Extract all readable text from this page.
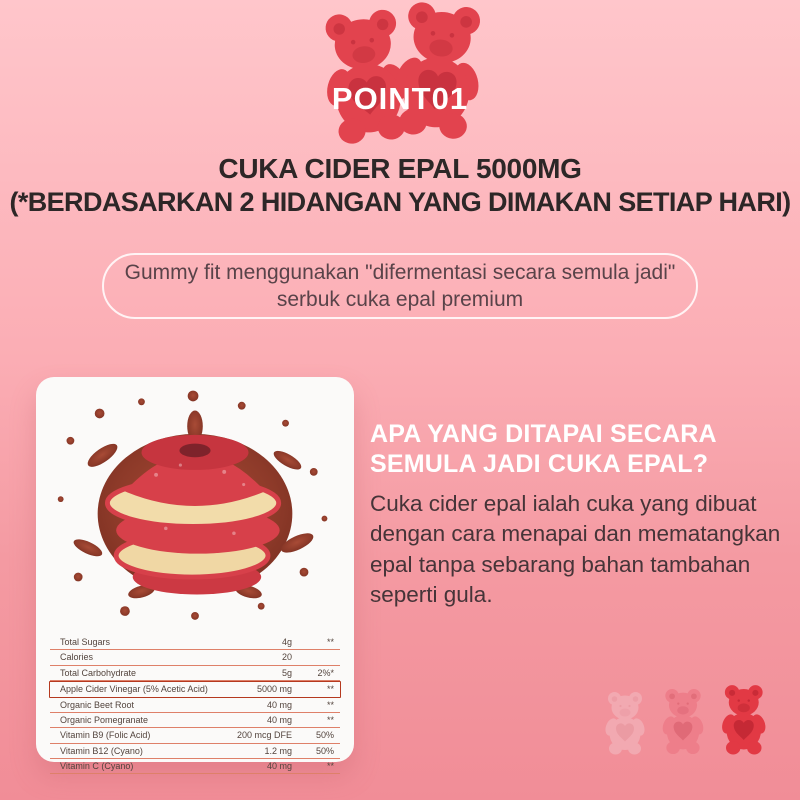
POINT01
CUKA CIDER EPAL 5000MG
(*BERDASARKAN 2 HIDANGAN YANG DIMAKAN SETIAP HARI)
Gummy fit menggunakan "difermentasi secara semula jadi"
serbuk cuka epal premium
Total Sugars	4g	**
Calories	20
Total Carbohydrate	5g	2%*
Apple Cider Vinegar (5% Acetic Acid)	5000 mg	**
Organic Beet Root	40 mg	**
Organic Pomegranate	40 mg	**
Vitamin B9 (Folic Acid)	200 mcg DFE	50%
Vitamin B12 (Cyano)	1.2 mg	50%
Vitamin C (Cyano)	40 mg	**
APA YANG DITAPAI SECARA
SEMULA JADI CUKA EPAL?
Cuka cider epal ialah cuka yang dibuat dengan cara menapai dan mematangkan epal tanpa sebarang bahan tambahan seperti gula.
